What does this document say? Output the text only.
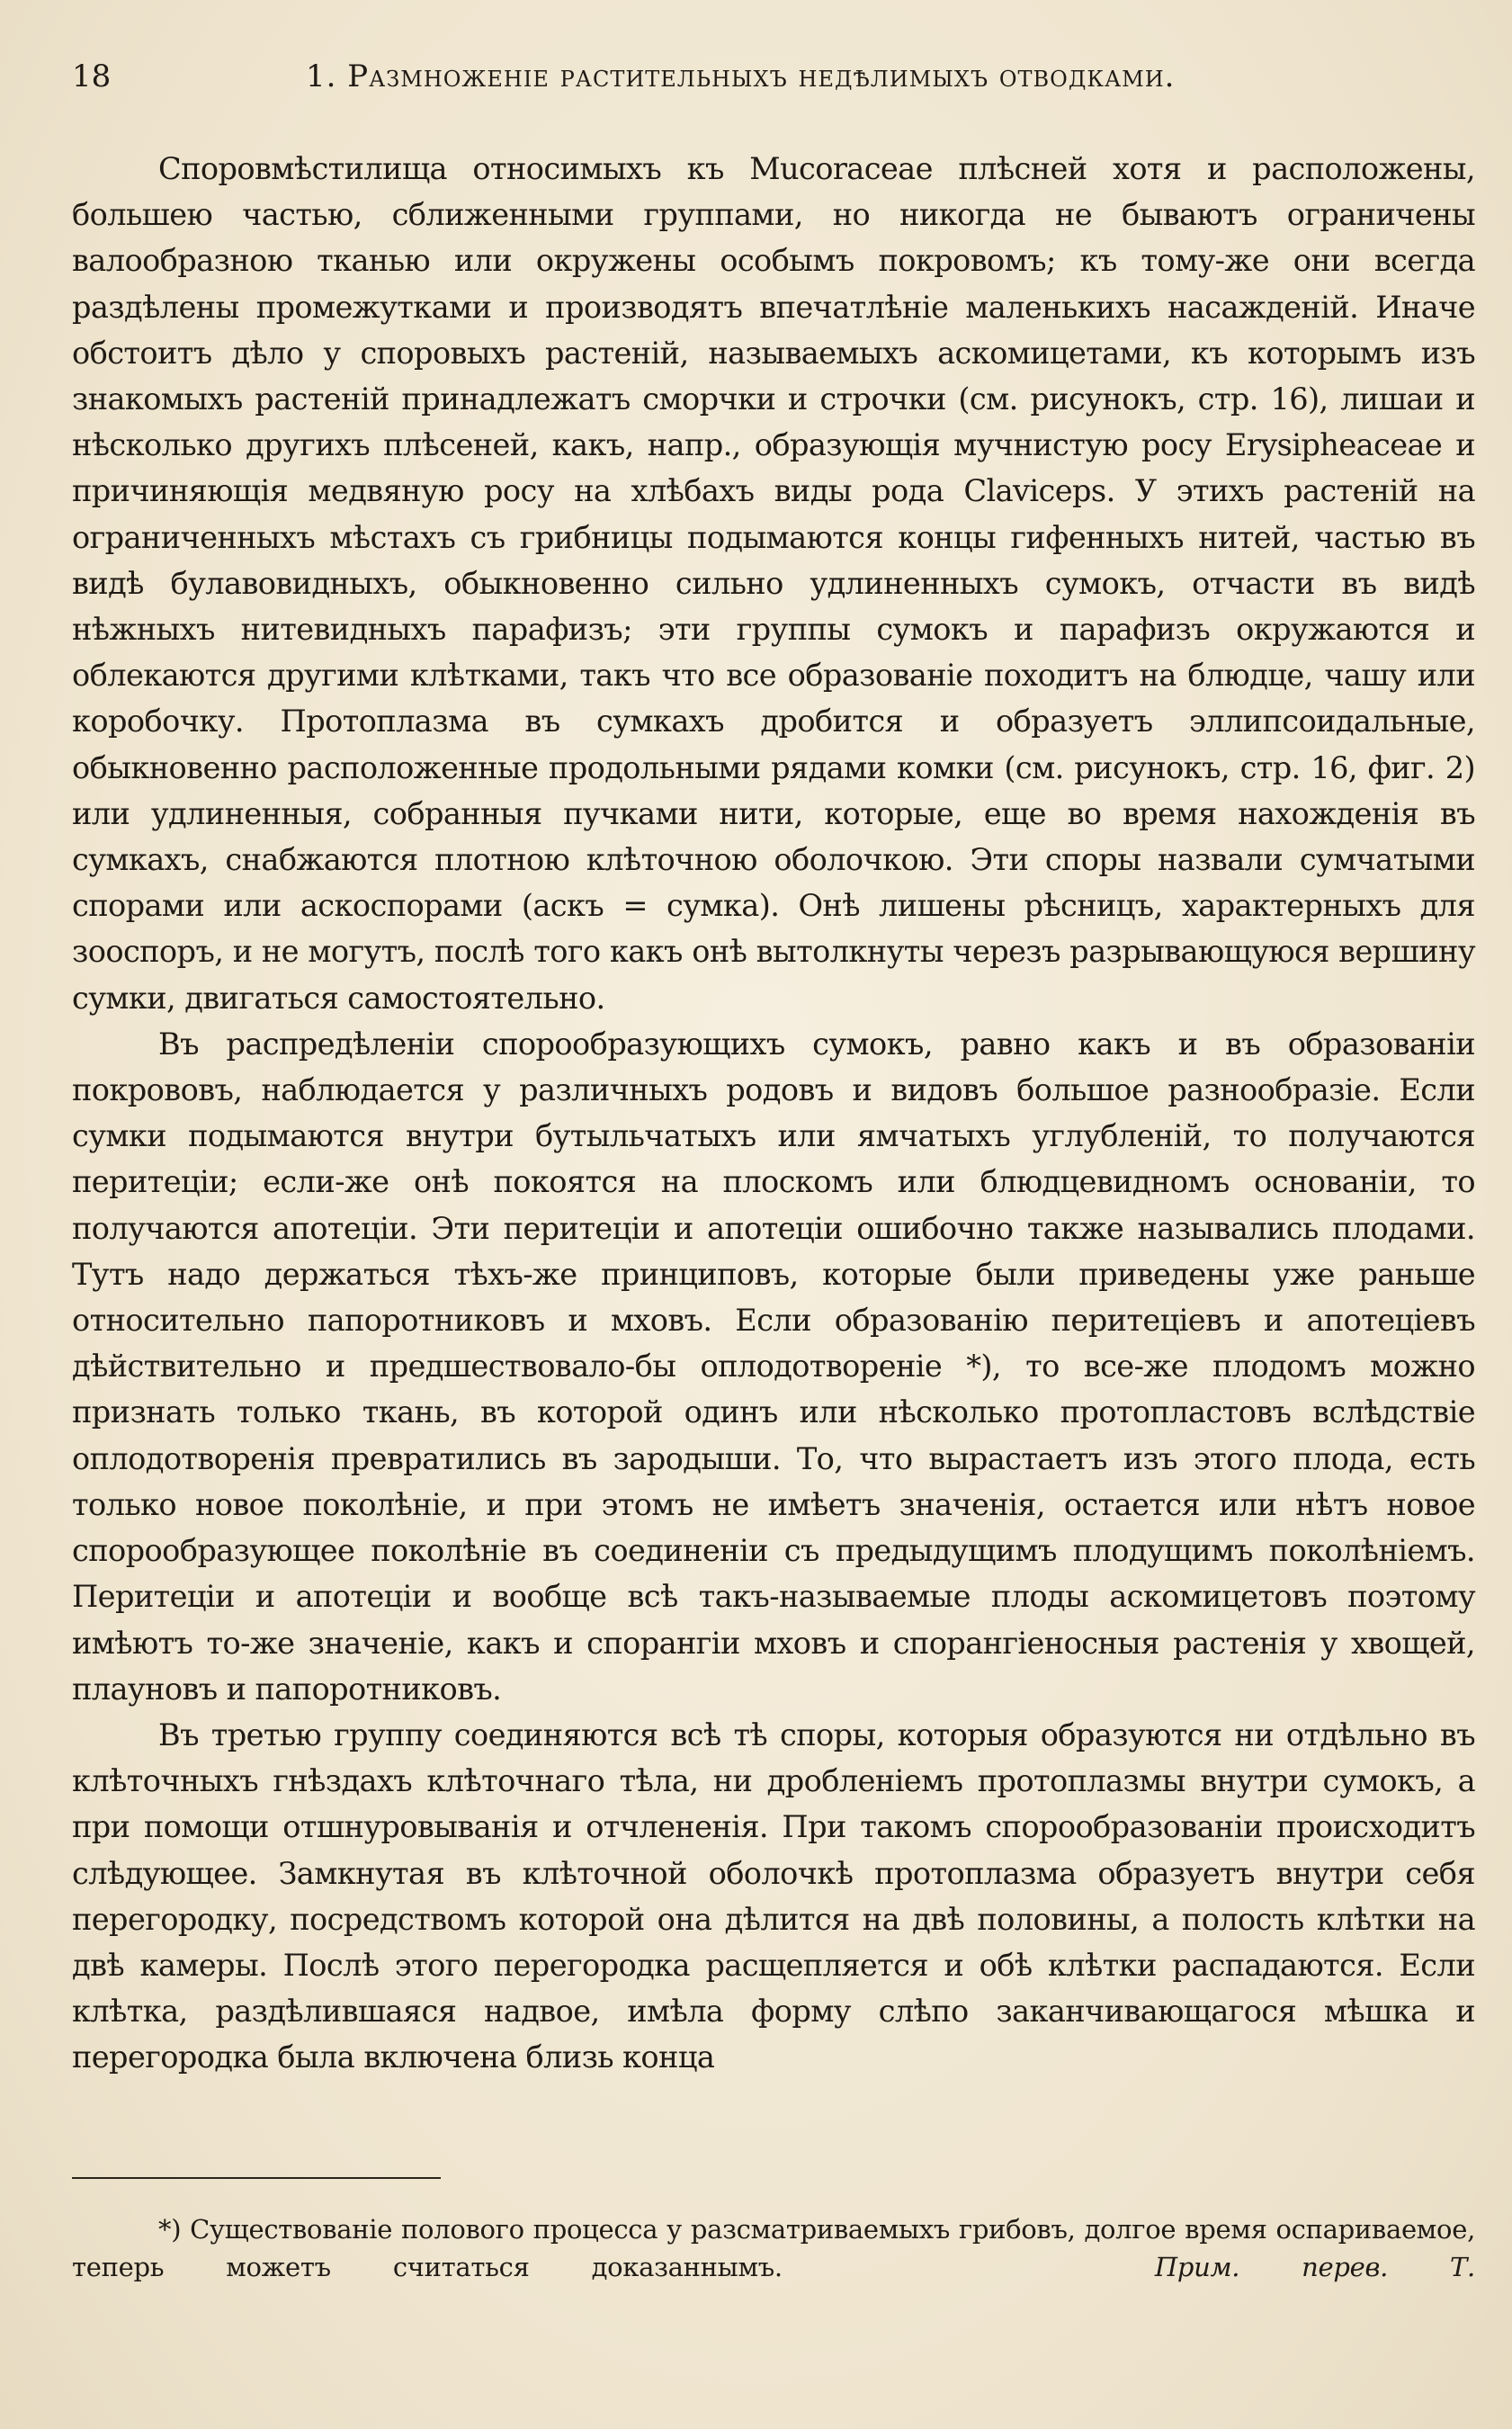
18	1. Размноженіе растительныхъ недѣлимыхъ отводками.

Споровмѣстилища относимыхъ къ Mucoraceae плѣсней хотя и расположены, большею частью, сближенными группами, но никогда не бываютъ ограничены валообразною тканью или окружены особымъ покровомъ; къ тому-же они всегда раздѣлены промежутками и производятъ впечатлѣніе маленькихъ насажденій. Иначе обстоитъ дѣло у споровыхъ растеній, называемыхъ аскомицетами, къ которымъ изъ знакомыхъ растеній принадлежатъ сморчки и строчки (см. рисунокъ, стр. 16), лишаи и нѣсколько другихъ плѣсеней, какъ, напр., образующія мучнистую росу Erysipheaceae и причиняющія медвяную росу на хлѣбахъ виды рода Claviceps. У этихъ растеній на ограниченныхъ мѣстахъ съ грибницы подымаются концы гифенныхъ нитей, частью въ видѣ булавовидныхъ, обыкновенно сильно удлиненныхъ сумокъ, отчасти въ видѣ нѣжныхъ нитевидныхъ парафизъ; эти группы сумокъ и парафизъ окружаются и облекаются другими клѣтками, такъ что все образованіе походитъ на блюдце, чашу или коробочку. Протоплазма въ сумкахъ дробится и образуетъ эллипсоидальные, обыкновенно расположенные продольными рядами комки (см. рисунокъ, стр. 16, фиг. 2) или удлиненныя, собранныя пучками нити, которые, еще во время нахожденія въ сумкахъ, снабжаются плотною клѣточною оболочкою. Эти споры назвали сумчатыми спорами или аскоспорами (аскъ = сумка). Онѣ лишены рѣсницъ, характерныхъ для зооспоръ, и не могутъ, послѣ того какъ онѣ вытолкнуты черезъ разрывающуюся вершину сумки, двигаться самостоятельно.

Въ распредѣленіи спорообразующихъ сумокъ, равно какъ и въ образованіи покрововъ, наблюдается у различныхъ родовъ и видовъ большое разнообразіе. Если сумки подымаются внутри бутыльчатыхъ или ямчатыхъ углубленій, то получаются перитеціи; если-же онѣ покоятся на плоскомъ или блюдцевидномъ основаніи, то получаются апотеціи. Эти перитеціи и апотеціи ошибочно также назывались плодами. Тутъ надо держаться тѣхъ-же принциповъ, которые были приведены уже раньше относительно папоротниковъ и мховъ. Если образованію перитеціевъ и апотеціевъ дѣйствительно и предшествовало-бы оплодотвореніе *), то все-же плодомъ можно признать только ткань, въ которой одинъ или нѣсколько протопластовъ вслѣдствіе оплодотворенія превратились въ зародыши. То, что вырастаетъ изъ этого плода, есть только новое поколѣніе, и при этомъ не имѣетъ значенія, остается или нѣтъ новое спорообразующее поколѣніе въ соединеніи съ предыдущимъ плодущимъ поколѣніемъ. Перитеціи и апотеціи и вообще всѣ такъ-называемые плоды аскомицетовъ поэтому имѣютъ то-же значеніе, какъ и спорангіи мховъ и спорангіеносныя растенія у хвощей, плауновъ и папоротниковъ.

Въ третью группу соединяются всѣ тѣ споры, которыя образуются ни отдѣльно въ клѣточныхъ гнѣздахъ клѣточнаго тѣла, ни дробленіемъ протоплазмы внутри сумокъ, а при помощи отшнуровыванія и отчлененія. При такомъ спорообразованіи происходитъ слѣдующее. Замкнутая въ клѣточной оболочкѣ протоплазма образуетъ внутри себя перегородку, посредствомъ которой она дѣлится на двѣ половины, а полость клѣтки на двѣ камеры. Послѣ этого перегородка расщепляется и обѣ клѣтки распадаются. Если клѣтка, раздѣлившаяся надвое, имѣла форму слѣпо заканчивающагося мѣшка и перегородка была включена близь конца

*) Существованіе полового процесса у разсматриваемыхъ грибовъ, долгое время оспариваемое, теперь можетъ считаться доказаннымъ.	Прим. перев. Т.
